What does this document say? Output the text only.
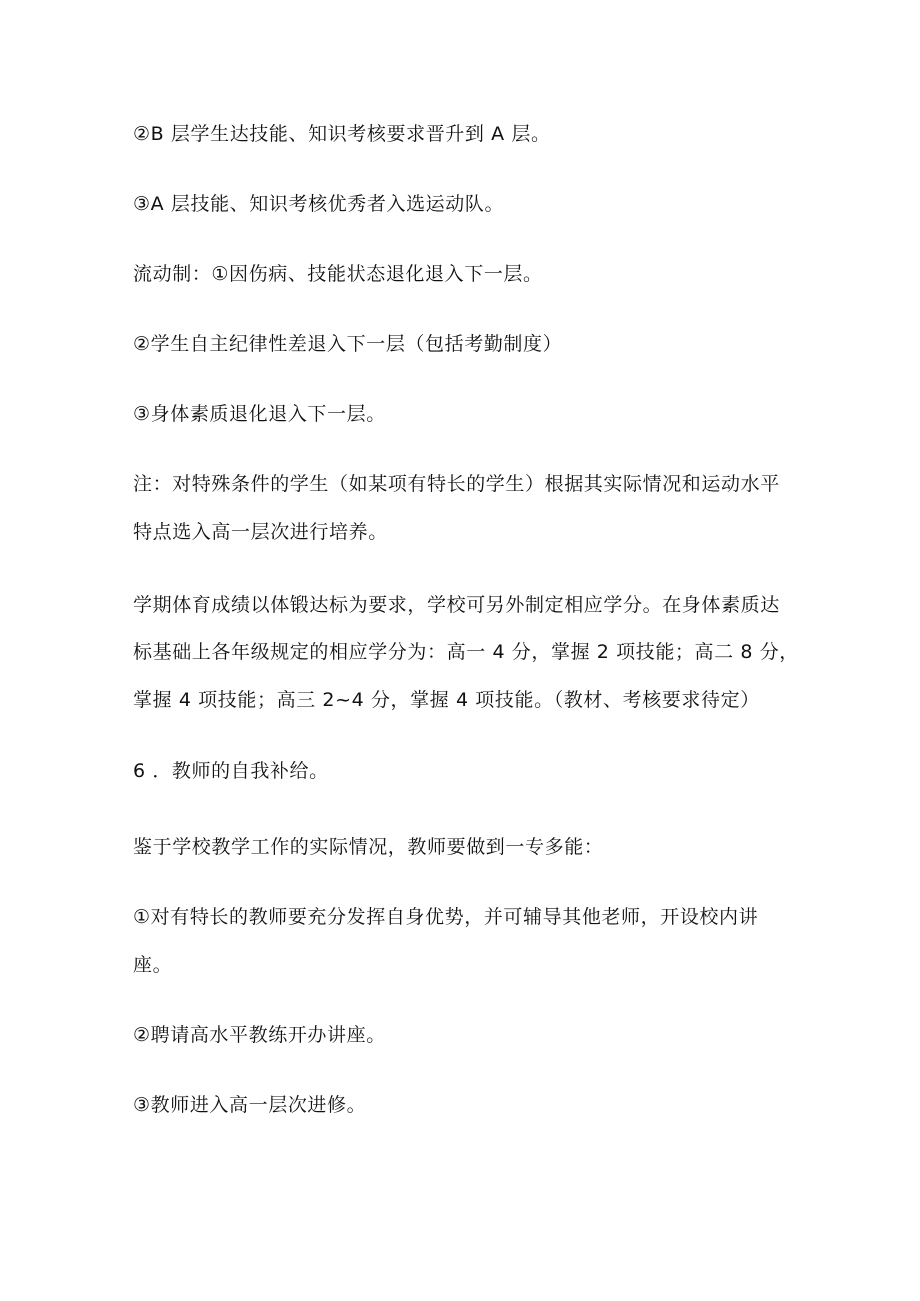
②B 层学生达技能、知识考核要求晋升到 A 层。
③A 层技能、知识考核优秀者入选运动队。
流动制：①因伤病、技能状态退化退入下一层。
②学生自主纪律性差退入下一层（包括考勤制度）
③身体素质退化退入下一层。
注：对特殊条件的学生（如某项有特长的学生）根据其实际情况和运动水平
特点选入高一层次进行培养。
学期体育成绩以体锻达标为要求，学校可另外制定相应学分。在身体素质达
标基础上各年级规定的相应学分为：高一 4 分，掌握 2 项技能；高二 8 分，
掌握 4 项技能；高三 2~4 分，掌握 4 项技能。（教材、考核要求待定）
6 ．教师的自我补给。
鉴于学校教学工作的实际情况，教师要做到一专多能：
①对有特长的教师要充分发挥自身优势，并可辅导其他老师，开设校内讲
座。
②聘请高水平教练开办讲座。
③教师进入高一层次进修。
